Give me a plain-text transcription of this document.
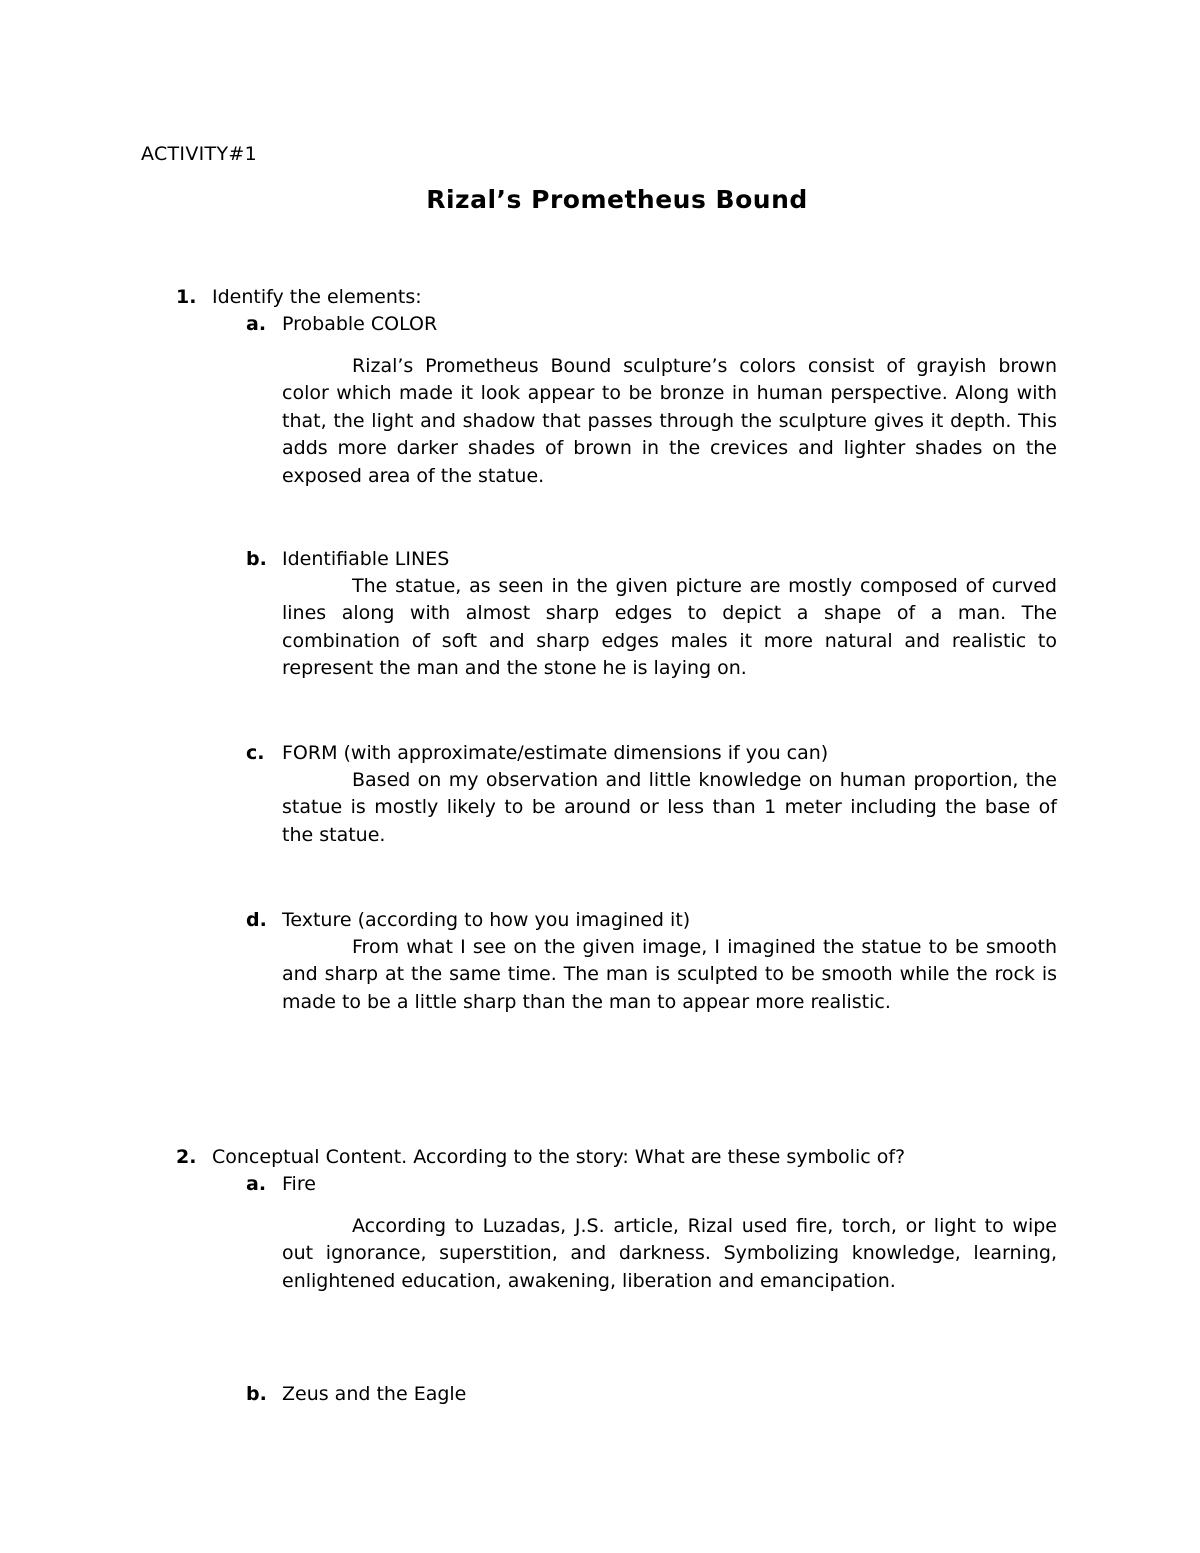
ACTIVITY#1
Rizal’s Prometheus Bound
1. Identify the elements:
a. Probable COLOR

Rizal’s Prometheus Bound sculpture’s colors consist of grayish brown color which made it look appear to be bronze in human perspective. Along with that, the light and shadow that passes through the sculpture gives it depth. This adds more darker shades of brown in the crevices and lighter shades on the exposed area of the statue.

b. Identifiable LINES

The statue, as seen in the given picture are mostly composed of curved lines along with almost sharp edges to depict a shape of a man. The combination of soft and sharp edges males it more natural and realistic to represent the man and the stone he is laying on.

c. FORM (with approximate/estimate dimensions if you can)

Based on my observation and little knowledge on human proportion, the statue is mostly likely to be around or less than 1 meter including the base of the statue.

d. Texture (according to how you imagined it)

From what I see on the given image, I imagined the statue to be smooth and sharp at the same time. The man is sculpted to be smooth while the rock is made to be a little sharp than the man to appear more realistic.

2. Conceptual Content. According to the story: What are these symbolic of?
a. Fire

According to Luzadas, J.S. article, Rizal used fire, torch, or light to wipe out ignorance, superstition, and darkness. Symbolizing knowledge, learning, enlightened education, awakening, liberation and emancipation.

b. Zeus and the Eagle
